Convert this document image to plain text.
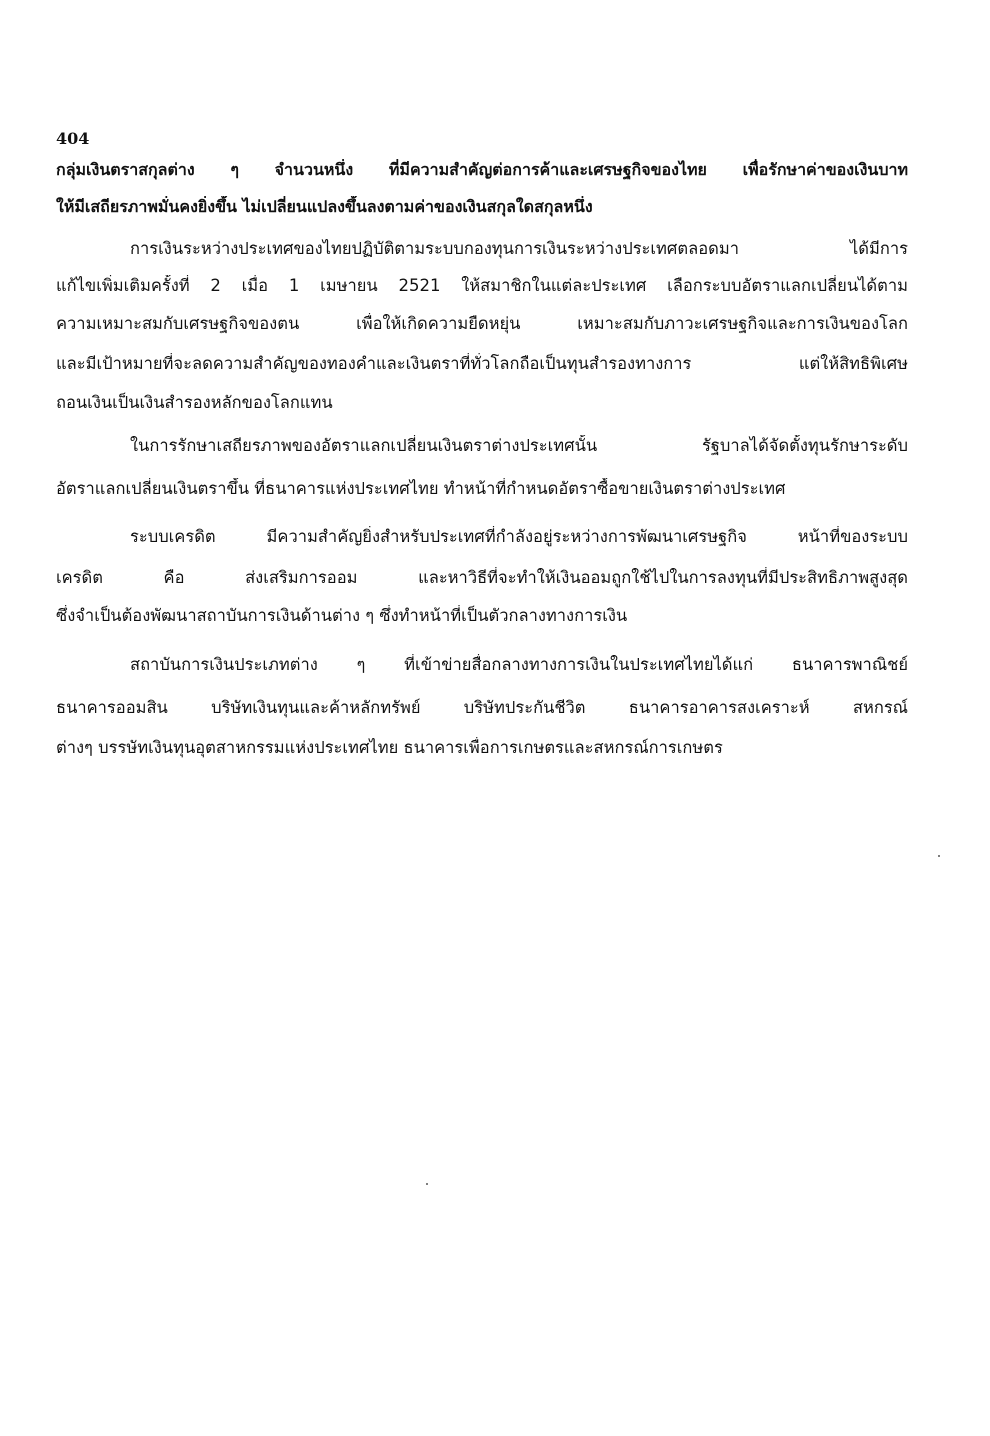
404
กลุ่มเงินตราสกุลต่าง ๆ จำนวนหนึ่ง ที่มีความสำคัญต่อการค้าและเศรษฐกิจของไทย เพื่อรักษาค่าของเงินบาท
ให้มีเสถียรภาพมั่นคงยิ่งขึ้น ไม่เปลี่ยนแปลงขึ้นลงตามค่าของเงินสกุลใดสกุลหนึ่ง
การเงินระหว่างประเทศของไทยปฏิบัติตามระบบกองทุนการเงินระหว่างประเทศตลอดมา ได้มีการ
แก้ไขเพิ่มเติมครั้งที่ 2 เมื่อ 1 เมษายน 2521 ให้สมาชิกในแต่ละประเทศ เลือกระบบอัตราแลกเปลี่ยนได้ตาม
ความเหมาะสมกับเศรษฐกิจของตน เพื่อให้เกิดความยืดหยุ่น เหมาะสมกับภาวะเศรษฐกิจและการเงินของโลก
และมีเป้าหมายที่จะลดความสำคัญของทองคำและเงินตราที่ทั่วโลกถือเป็นทุนสำรองทางการ แต่ให้สิทธิพิเศษ
ถอนเงินเป็นเงินสำรองหลักของโลกแทน
ในการรักษาเสถียรภาพของอัตราแลกเปลี่ยนเงินตราต่างประเทศนั้น รัฐบาลได้จัดตั้งทุนรักษาระดับ
อัตราแลกเปลี่ยนเงินตราขึ้น ที่ธนาคารแห่งประเทศไทย ทำหน้าที่กำหนดอัตราซื้อขายเงินตราต่างประเทศ
ระบบเครดิต มีความสำคัญยิ่งสำหรับประเทศที่กำลังอยู่ระหว่างการพัฒนาเศรษฐกิจ หน้าที่ของระบบ
เครดิต คือ ส่งเสริมการออม และหาวิธีที่จะทำให้เงินออมถูกใช้ไปในการลงทุนที่มีประสิทธิภาพสูงสุด
ซึ่งจำเป็นต้องพัฒนาสถาบันการเงินด้านต่าง ๆ ซึ่งทำหน้าที่เป็นตัวกลางทางการเงิน
สถาบันการเงินประเภทต่าง ๆ ที่เข้าข่ายสื่อกลางทางการเงินในประเทศไทยได้แก่ ธนาคารพาณิชย์
ธนาคารออมสิน บริษัทเงินทุนและค้าหลักทรัพย์ บริษัทประกันชีวิต ธนาคารอาคารสงเคราะห์ สหกรณ์
ต่างๆ บรรษัทเงินทุนอุตสาหกรรมแห่งประเทศไทย ธนาคารเพื่อการเกษตรและสหกรณ์การเกษตร
